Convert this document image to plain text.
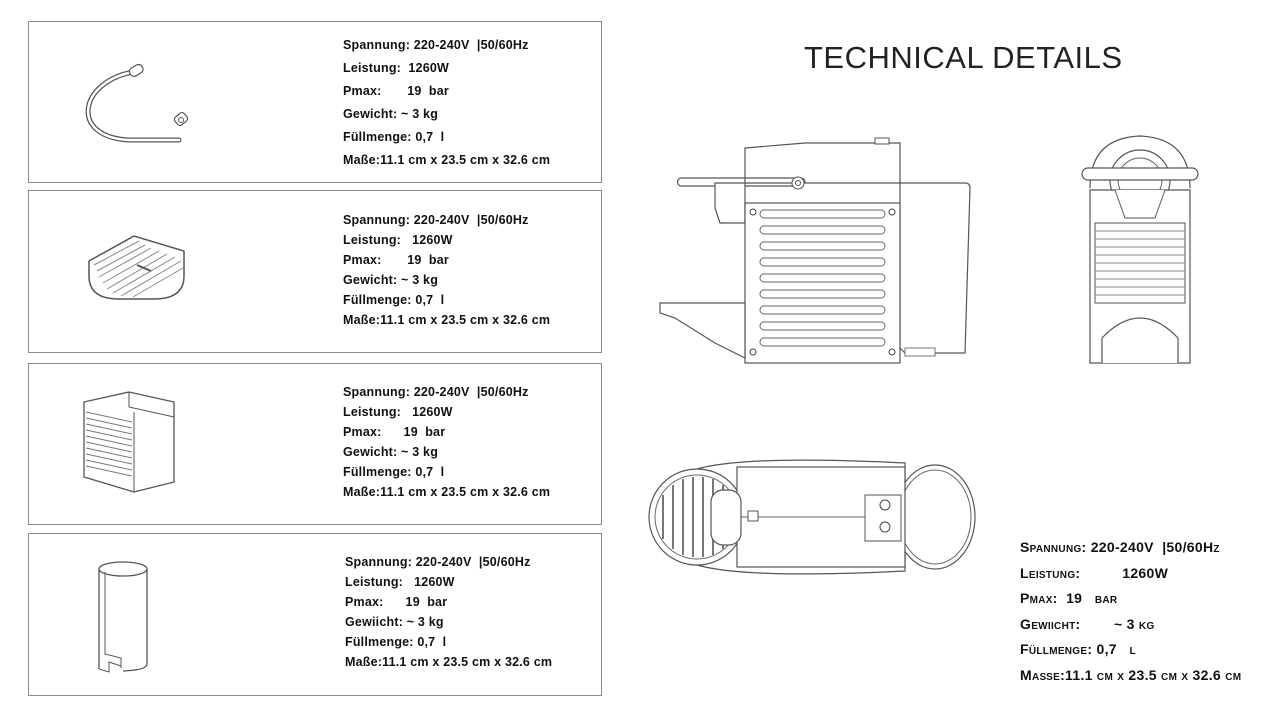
Spannung: 220-240V  |50/60Hz
Leistung:  1260W
Pmax:       19  bar
Gewicht: ~ 3 kg
Füllmenge: 0,7  l
Maße:11.1 cm x 23.5 cm x 32.6 cm
Spannung: 220-240V  |50/60Hz
Leistung:   1260W
Pmax:       19  bar
Gewicht: ~ 3 kg
Füllmenge: 0,7  l
Maße:11.1 cm x 23.5 cm x 32.6 cm
Spannung: 220-240V  |50/60Hz
Leistung:   1260W
Pmax:      19  bar
Gewicht: ~ 3 kg
Füllmenge: 0,7  l
Maße:11.1 cm x 23.5 cm x 32.6 cm
Spannung: 220-240V  |50/60Hz
Leistung:   1260W
Pmax:      19  bar
Gewiicht: ~ 3 kg
Füllmenge: 0,7  l
Maße:11.1 cm x 23.5 cm x 32.6 cm
TECHNICAL DETAILS
Spannung: 220-240V  |50/60Hz
Leistung:          1260W
Pmax:  19   bar
Gewiicht:        ~ 3 kg
Füllmenge: 0,7   l
Maße:11.1 cm x 23.5 cm x 32.6 cm
